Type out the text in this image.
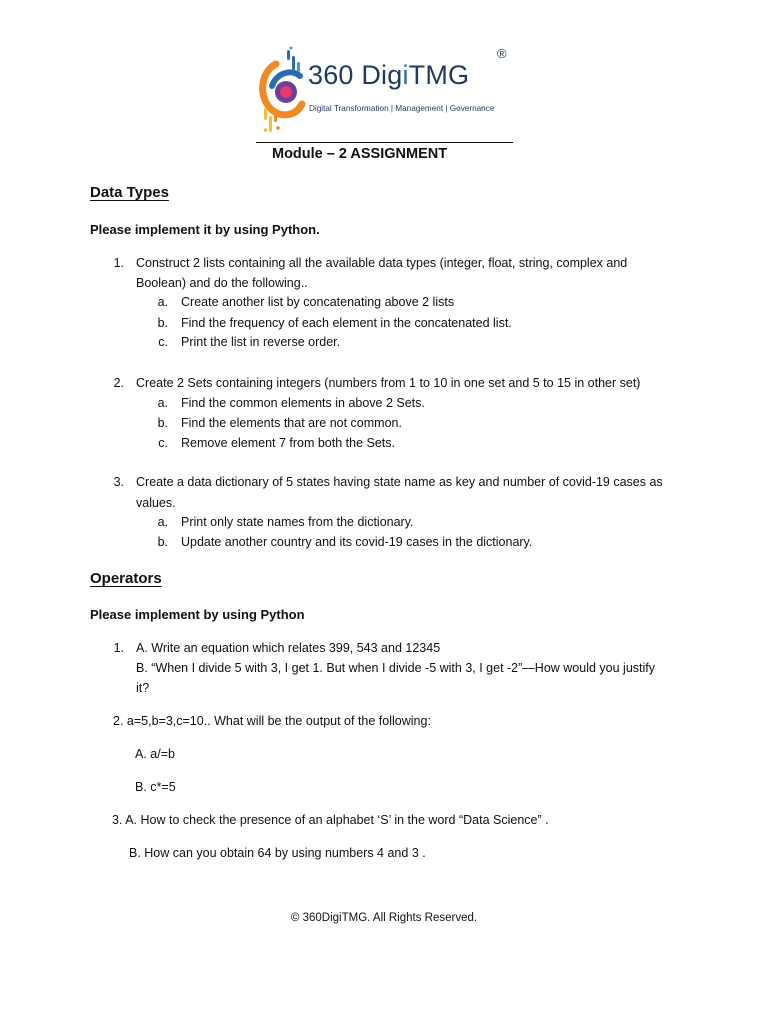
360 DigiTMG
®
Digital Transformation | Management | Governance
Module – 2 ASSIGNMENT
Data Types
Please implement it by using Python.
1. Construct 2 lists containing all the available data types (integer, float, string, complex and
Boolean) and do the following..
a. Create another list by concatenating above 2 lists
b. Find the frequency of each element in the concatenated list.
c. Print the list in reverse order.
2. Create 2 Sets containing integers (numbers from 1 to 10 in one set and 5 to 15 in other set)
a. Find the common elements in above 2 Sets.
b. Find the elements that are not common.
c. Remove element 7 from both the Sets.
3. Create a data dictionary of 5 states having state name as key and number of covid-19 cases as
values.
a. Print only state names from the dictionary.
b. Update another country and its covid-19 cases in the dictionary.
Operators
Please implement by using Python
1. A. Write an equation which relates 399, 543 and 12345
B. “When I divide 5 with 3, I get 1. But when I divide -5 with 3, I get -2”—How would you justify
it?
2. a=5,b=3,c=10.. What will be the output of the following:
A. a/=b
B. c*=5
3. A. How to check the presence of an alphabet ‘S’ in the word “Data Science” .
B. How can you obtain 64 by using numbers 4 and 3 .
© 360DigiTMG. All Rights Reserved.
